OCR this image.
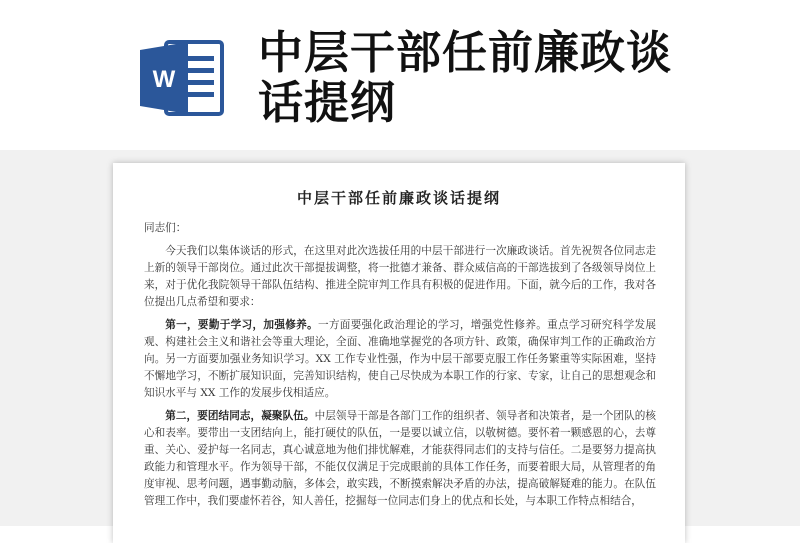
W
中层干部任前廉政谈话提纲
中层干部任前廉政谈话提纲

同志们：

今天我们以集体谈话的形式，在这里对此次选拔任用的中层干部进行一次廉政谈话。首先祝贺各位同志走上新的领导干部岗位。通过此次干部提拔调整，将一批德才兼备、群众威信高的干部选拔到了各级领导岗位上来，对于优化我院领导干部队伍结构、推进全院审判工作具有积极的促进作用。下面，就今后的工作，我对各位提出几点希望和要求：

第一，要勤于学习，加强修养。一方面要强化政治理论的学习，增强党性修养。重点学习研究科学发展观、构建社会主义和谐社会等重大理论，全面、准确地掌握党的各项方针、政策，确保审判工作的正确政治方向。另一方面要加强业务知识学习。XX 工作专业性强，作为中层干部要克服工作任务繁重等实际困难，坚持不懈地学习，不断扩展知识面，完善知识结构，使自己尽快成为本职工作的行家、专家，让自己的思想观念和知识水平与 XX 工作的发展步伐相适应。

第二，要团结同志，凝聚队伍。中层领导干部是各部门工作的组织者、领导者和决策者，是一个团队的核心和表率。要带出一支团结向上，能打硬仗的队伍，一是要以诚立信，以敬树德。要怀着一颗感恩的心，去尊重、关心、爱护每一名同志，真心诚意地为他们排忧解难，才能获得同志们的支持与信任。二是要努力提高执政能力和管理水平。作为领导干部，不能仅仅满足于完成眼前的具体工作任务，而要着眼大局，从管理者的角度审视、思考问题，遇事勤动脑，多体会，敢实践，不断摸索解决矛盾的办法，提高破解疑难的能力。在队伍管理工作中，我们要虚怀若谷，知人善任，挖掘每一位同志们身上的优点和长处，与本职工作特点相结合，
